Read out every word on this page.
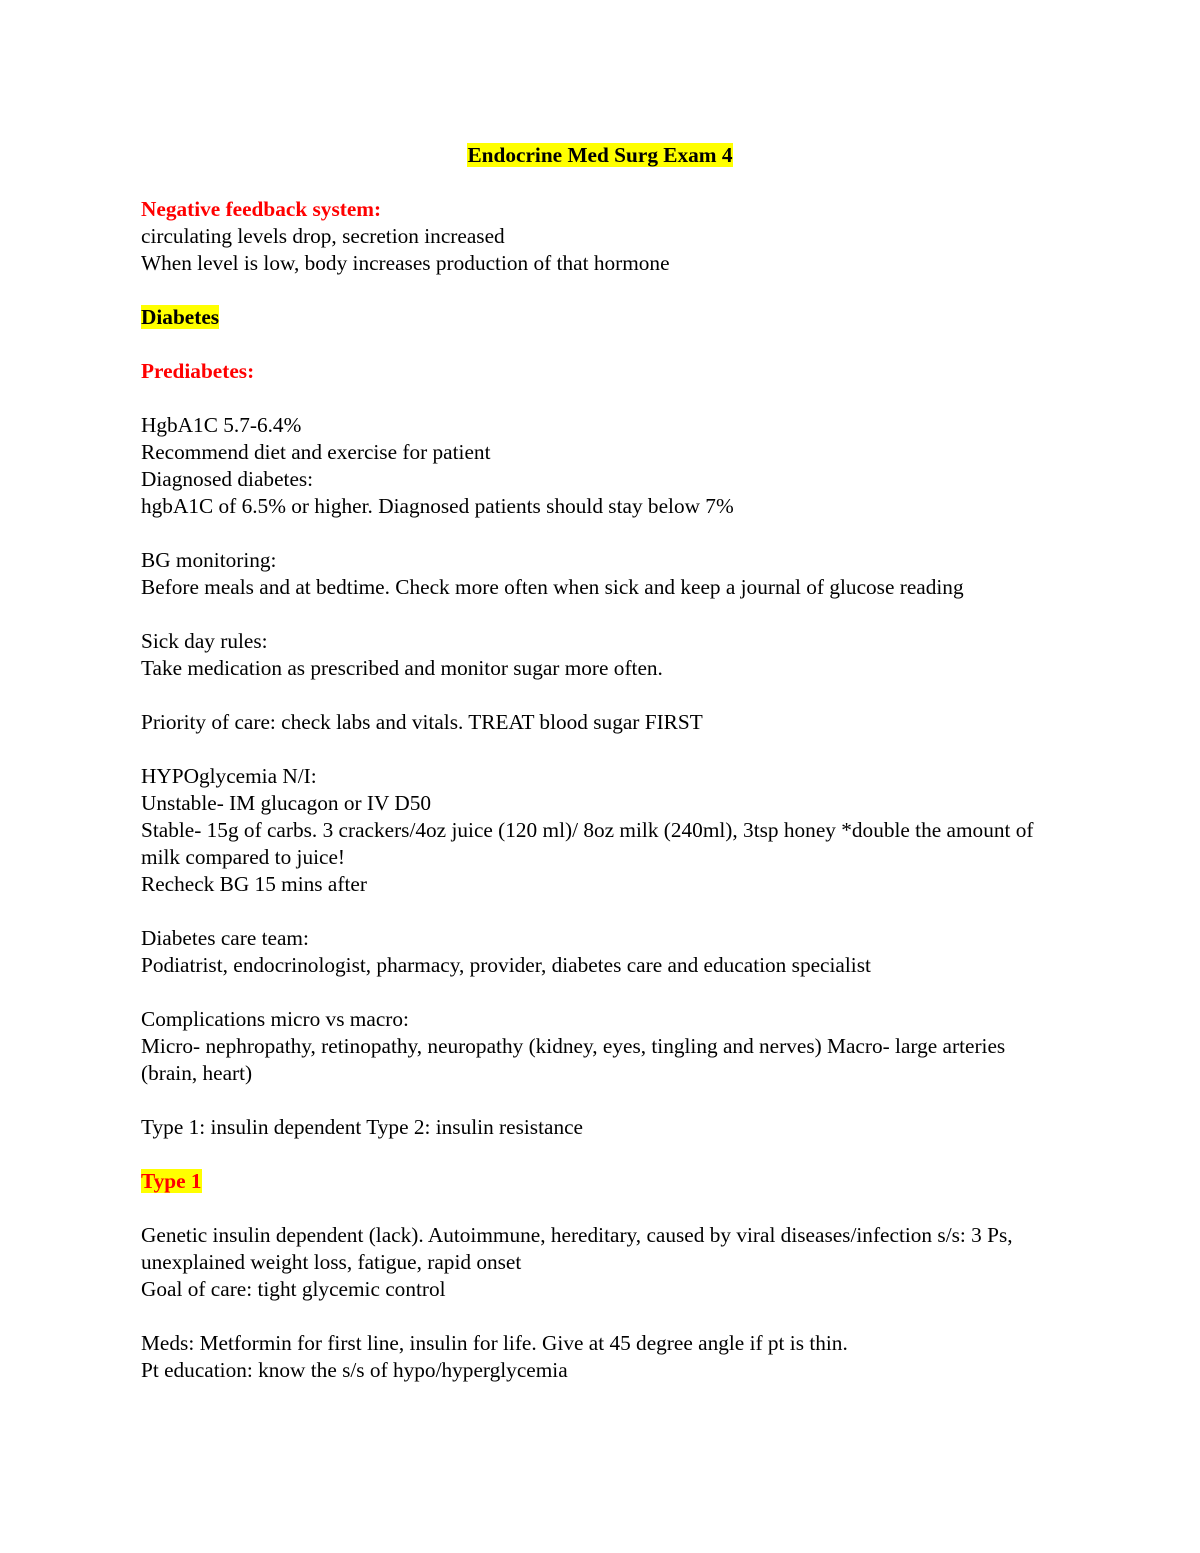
Endocrine Med Surg Exam 4
Negative feedback system:
circulating levels drop, secretion increased
When level is low, body increases production of that hormone
Diabetes
Prediabetes:
HgbA1C 5.7-6.4%
Recommend diet and exercise for patient
Diagnosed diabetes:
hgbA1C of 6.5% or higher. Diagnosed patients should stay below 7%
BG monitoring:
Before meals and at bedtime. Check more often when sick and keep a journal of glucose reading
Sick day rules:
Take medication as prescribed and monitor sugar more often.
Priority of care: check labs and vitals. TREAT blood sugar FIRST
HYPOglycemia N/I:
Unstable- IM glucagon or IV D50
Stable- 15g of carbs. 3 crackers/4oz juice (120 ml)/ 8oz milk (240ml), 3tsp honey *double the amount of milk compared to juice!
Recheck BG 15 mins after
Diabetes care team:
Podiatrist, endocrinologist, pharmacy, provider, diabetes care and education specialist
Complications micro vs macro:
Micro- nephropathy, retinopathy, neuropathy (kidney, eyes, tingling and nerves) Macro- large arteries (brain, heart)
Type 1: insulin dependent Type 2: insulin resistance
Type 1
Genetic insulin dependent (lack). Autoimmune, hereditary, caused by viral diseases/infection s/s: 3 Ps, unexplained weight loss, fatigue, rapid onset
Goal of care: tight glycemic control
Meds: Metformin for first line, insulin for life. Give at 45 degree angle if pt is thin.
Pt education: know the s/s of hypo/hyperglycemia
